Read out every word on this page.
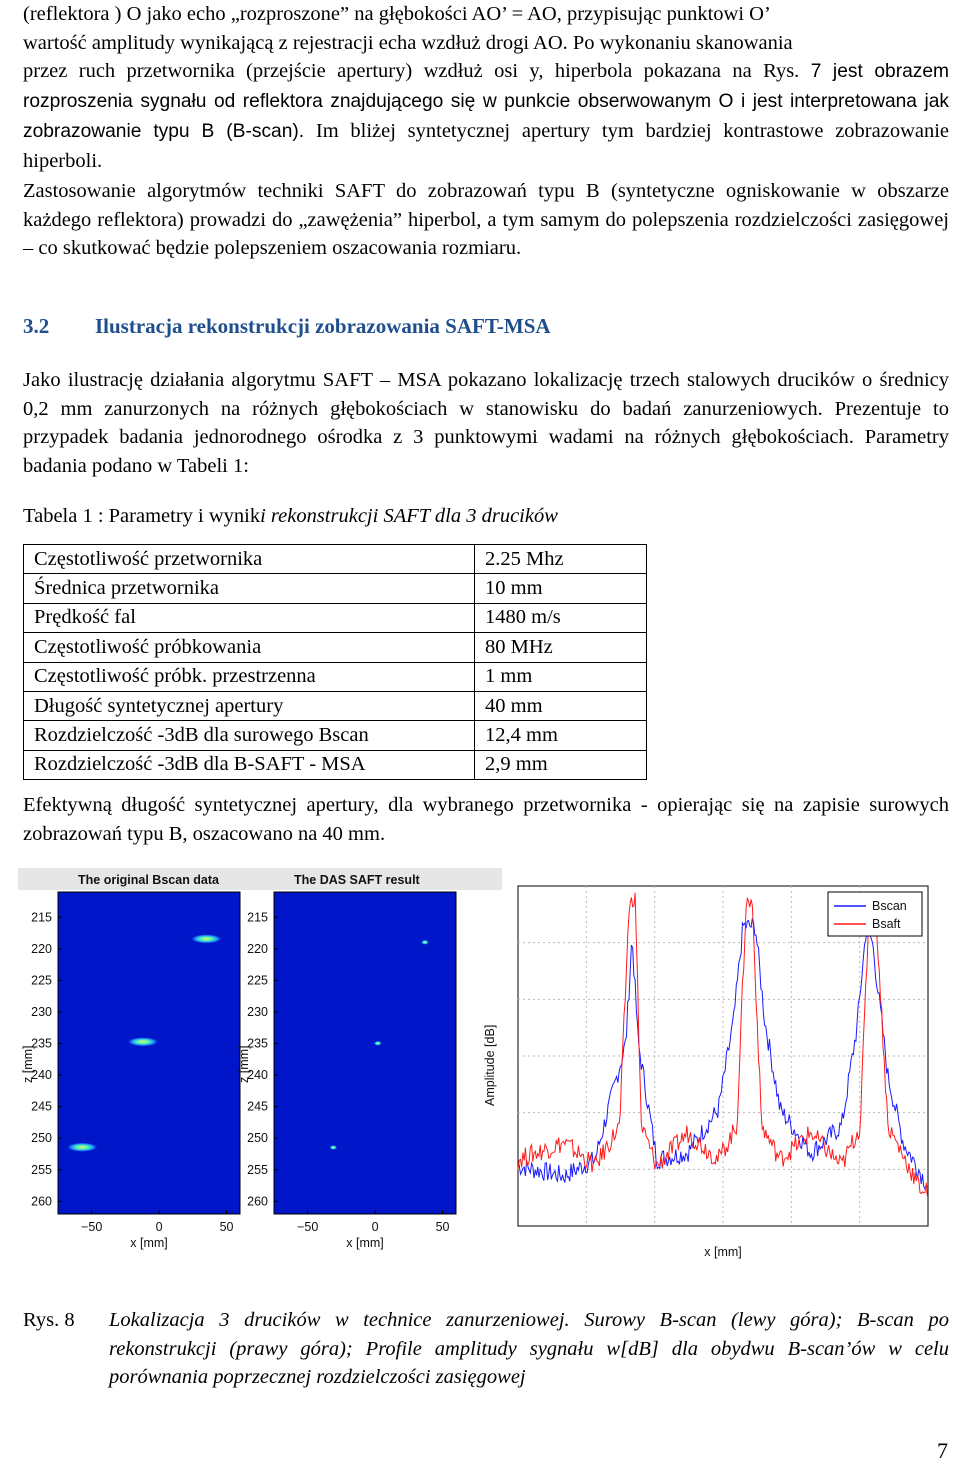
(reflektora ) O jako echo „rozproszone” na głębokości AO’ = AO, przypisując punktowi O’
wartość amplitudy wynikającą z rejestracji echa wzdłuż drogi AO. Po wykonaniu skanowania
przez ruch przetwornika (przejście apertury) wzdłuż osi y, hiperbola pokazana na Rys. 7 jest obrazem rozproszenia sygnału od reflektora znajdującego się w punkcie obserwowanym O i jest interpretowana jak zobrazowanie typu B (B-scan). Im bliżej syntetycznej apertury tym bardziej kontrastowe zobrazowanie hiperboli.

Zastosowanie algorytmów techniki SAFT do zobrazowań typu B (syntetyczne ogniskowanie w obszarze każdego reflektora) prowadzi do „zawężenia” hiperbol, a tym samym do polepszenia rozdzielczości zasięgowej – co skutkować będzie polepszeniem oszacowania rozmiaru.

3.2 Ilustracja rekonstrukcji zobrazowania SAFT-MSA

Jako ilustrację działania algorytmu SAFT – MSA pokazano lokalizację trzech stalowych drucików o średnicy 0,2 mm zanurzonych na różnych głębokościach w stanowisku do badań zanurzeniowych. Prezentuje to przypadek badania jednorodnego ośrodka z 3 punktowymi wadami na różnych głębokościach. Parametry badania podano w Tabeli 1:

Tabela 1 : Parametry i wyniki rekonstrukcji SAFT dla 3 drucików

Częstotliwość przetwornika	2.25 Mhz
Średnica przetwornika	10 mm
Prędkość fal	1480 m/s
Częstotliwość próbkowania	80 MHz
Częstotliwość próbk. przestrzenna	1 mm
Długość syntetycznej apertury	40 mm
Rozdzielczość -3dB dla surowego Bscan	12,4 mm
Rozdzielczość -3dB dla B-SAFT - MSA	2,9 mm

Efektywną długość syntetycznej apertury, dla wybranego przetwornika - opierając się na zapisie surowych zobrazowań typu B, oszacowano na 40 mm.

The original Bscan data
215
220
225
230
235
240
245
250
255
260
−50	0	50
x [mm]
z [mm]
The DAS SAFT result
215
220
225
230
235
240
245
250
255
260
−50	0	50
x [mm]
z [mm]
Bscan
Bsaft
x [mm]
Amplitude [dB]
Rys. 8 Lokalizacja 3 drucików w technice zanurzeniowej. Surowy B-scan (lewy góra); B-scan po rekonstrukcji (prawy góra); Profile amplitudy sygnału w[dB] dla obydwu B-scan’ów w celu porównania poprzecznej rozdzielczości zasięgowej
7
